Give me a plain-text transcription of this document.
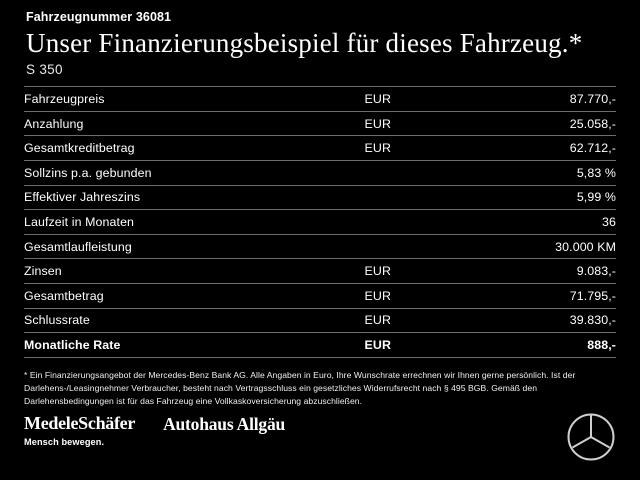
Fahrzeugnummer 36081
Unser Finanzierungsbeispiel für dieses Fahrzeug.*
S 350
Fahrzeugpreis	EUR	87.770,-
Anzahlung	EUR	25.058,-
Gesamtkreditbetrag	EUR	62.712,-
Sollzins p.a. gebunden		5,83 %
Effektiver Jahreszins		5,99 %
Laufzeit in Monaten		36
Gesamtlaufleistung		30.000 KM
Zinsen	EUR	9.083,-
Gesamtbetrag	EUR	71.795,-
Schlussrate	EUR	39.830,-
Monatliche Rate	EUR	888,-
* Ein Finanzierungsangebot der Mercedes-Benz Bank AG. Alle Angaben in Euro, Ihre Wunschrate errechnen wir Ihnen gerne persönlich. Ist der Darlehens-/Leasingnehmer Verbraucher, besteht nach Vertragsschluss ein gesetzliches Widerrufsrecht nach § 495 BGB. Gemäß den Darlehensbedingungen ist für das Fahrzeug eine Vollkaskoversicherung abzuschließen.
MedeleSchäfer
Mensch bewegen.
Autohaus Allgäu
